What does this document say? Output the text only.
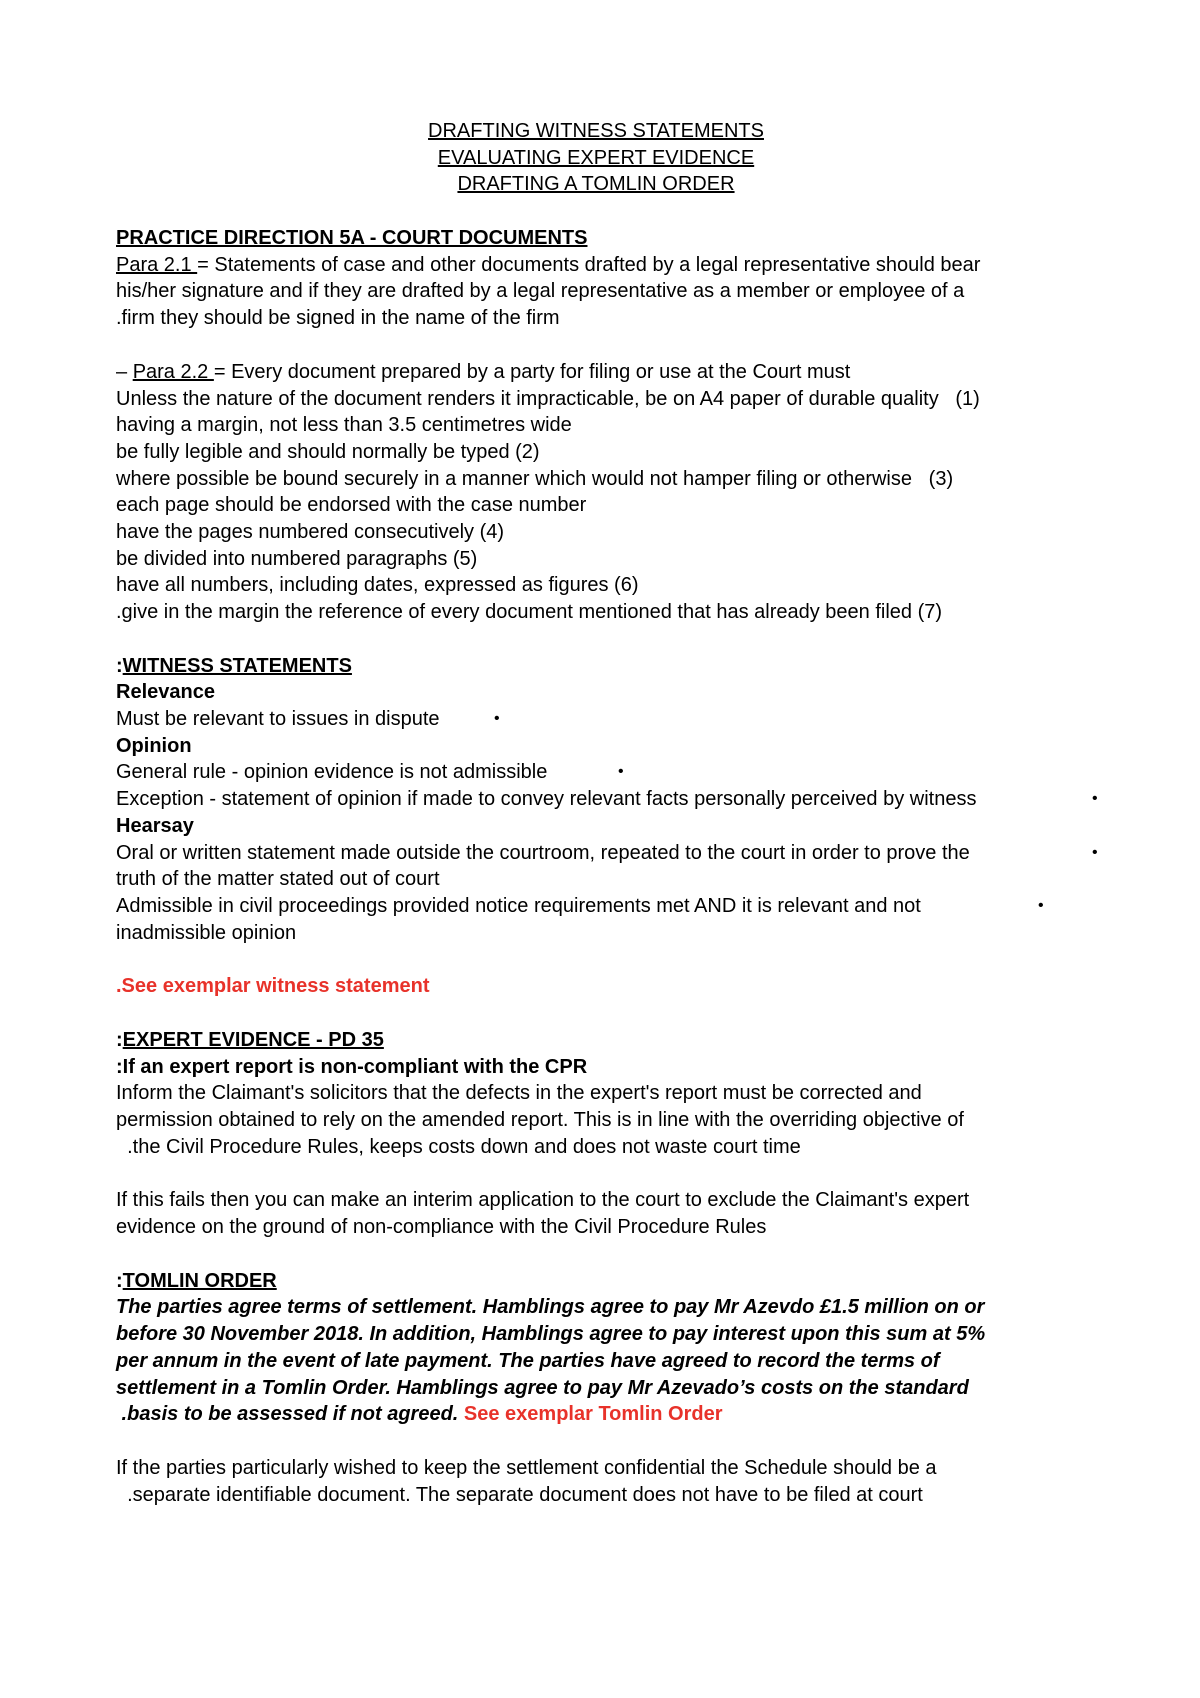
DRAFTING WITNESS STATEMENTS
EVALUATING EXPERT EVIDENCE
DRAFTING A TOMLIN ORDER
PRACTICE DIRECTION 5A - COURT DOCUMENTS
Para 2.1 = Statements of case and other documents drafted by a legal representative should bear
his/her signature and if they are drafted by a legal representative as a member or employee of a
.firm they should be signed in the name of the firm
– Para 2.2 = Every document prepared by a party for filing or use at the Court must
Unless the nature of the document renders it impracticable, be on A4 paper of durable quality   (1)
having a margin, not less than 3.5 centimetres wide
be fully legible and should normally be typed (2)
where possible be bound securely in a manner which would not hamper filing or otherwise   (3)
each page should be endorsed with the case number
have the pages numbered consecutively (4)
be divided into numbered paragraphs (5)
have all numbers, including dates, expressed as figures (6)
.give in the margin the reference of every document mentioned that has already been filed (7)
:WITNESS STATEMENTS
Relevance
Must be relevant to issues in dispute	•
Opinion
General rule - opinion evidence is not admissible	•
Exception - statement of opinion if made to convey relevant facts personally perceived by witness	•
Hearsay
Oral or written statement made outside the courtroom, repeated to the court in order to prove the	•
truth of the matter stated out of court
Admissible in civil proceedings provided notice requirements met AND it is relevant and not	•
inadmissible opinion
.See exemplar witness statement
:EXPERT EVIDENCE - PD 35
:If an expert report is non-compliant with the CPR
Inform the Claimant's solicitors that the defects in the expert's report must be corrected and
permission obtained to rely on the amended report. This is in line with the overriding objective of
.the Civil Procedure Rules, keeps costs down and does not waste court time
If this fails then you can make an interim application to the court to exclude the Claimant's expert
evidence on the ground of non-compliance with the Civil Procedure Rules
:TOMLIN ORDER
The parties agree terms of settlement. Hamblings agree to pay Mr Azevdo £1.5 million on or
before 30 November 2018. In addition, Hamblings agree to pay interest upon this sum at 5%
per annum in the event of late payment. The parties have agreed to record the terms of
settlement in a Tomlin Order. Hamblings agree to pay Mr Azevado’s costs on the standard
.basis to be assessed if not agreed. See exemplar Tomlin Order
If the parties particularly wished to keep the settlement confidential the Schedule should be a
.separate identifiable document. The separate document does not have to be filed at court
